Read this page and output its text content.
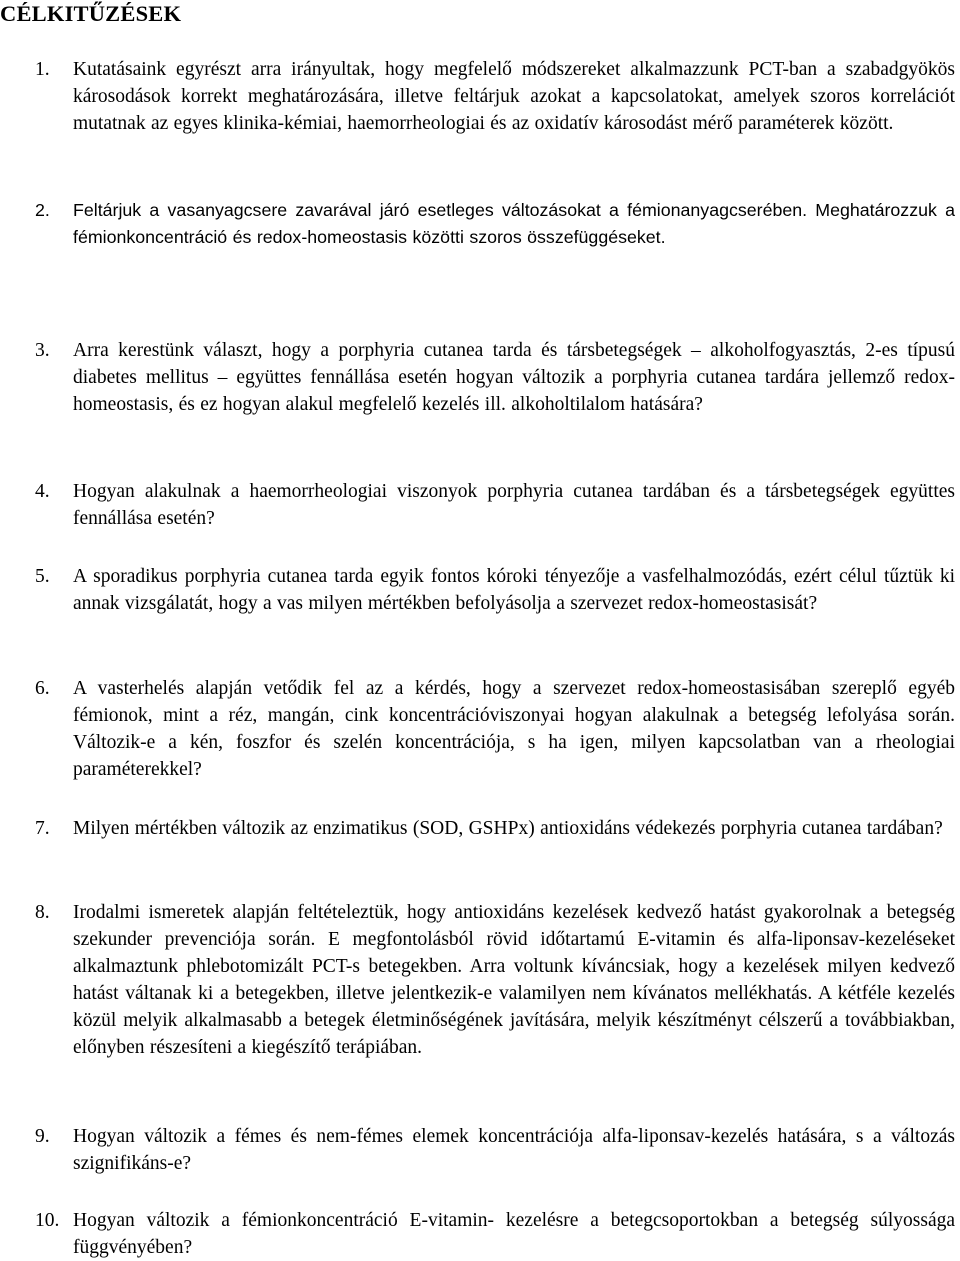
CÉLKITŰZÉSEK
1.	Kutatásaink egyrészt arra irányultak, hogy megfelelő módszereket alkalmazzunk PCT-ban a szabadgyökös károsodások korrekt meghatározására, illetve feltárjuk azokat a kapcsolatokat, amelyek szoros korrelációt mutatnak az egyes klinika-kémiai, haemorrheologiai és az oxidatív károsodást mérő paraméterek között.
2.	Feltárjuk a vasanyagcsere zavarával járó esetleges változásokat a fémionanyagcserében. Meghatározzuk a fémionkoncentráció és redox-homeostasis közötti szoros összefüggéseket.
3.	Arra kerestünk választ, hogy a porphyria cutanea tarda és társbetegségek – alkoholfogyasztás, 2-es típusú diabetes mellitus – együttes fennállása esetén hogyan változik a porphyria cutanea tardára jellemző redox-homeostasis, és ez hogyan alakul megfelelő kezelés ill. alkoholtilalom hatására?
4.	Hogyan alakulnak a haemorrheologiai viszonyok porphyria cutanea tardában és a társbetegségek együttes fennállása esetén?
5.	A sporadikus porphyria cutanea tarda egyik fontos kóroki tényezője a vasfelhalmozódás, ezért célul tűztük ki annak vizsgálatát, hogy a vas milyen mértékben befolyásolja a szervezet redox-homeostasisát?
6.	A vasterhelés alapján vetődik fel az a kérdés, hogy a szervezet redox-homeostasisában szereplő egyéb fémionok, mint a réz, mangán, cink koncentrációviszonyai hogyan alakulnak a betegség lefolyása során. Változik-e a kén, foszfor és szelén koncentrációja, s ha igen, milyen kapcsolatban van a rheologiai paraméterekkel?
7.	Milyen mértékben változik az enzimatikus (SOD, GSHPx) antioxidáns védekezés porphyria cutanea tardában?
8.	Irodalmi ismeretek alapján feltételeztük, hogy antioxidáns kezelések kedvező hatást gyakorolnak a betegség szekunder prevenciója során. E megfontolásból rövid időtartamú E-vitamin és alfa-liponsav-kezeléseket alkalmaztunk phlebotomizált PCT-s betegekben. Arra voltunk kíváncsiak, hogy a kezelések milyen kedvező hatást váltanak ki a betegekben, illetve jelentkezik-e valamilyen nem kívánatos mellékhatás. A kétféle kezelés közül melyik alkalmasabb a betegek életminőségének javítására, melyik készítményt célszerű a továbbiakban, előnyben részesíteni a kiegészítő terápiában.
9.	Hogyan változik a fémes és nem-fémes elemek koncentrációja alfa-liponsav-kezelés hatására, s a változás szignifikáns-e?
10. Hogyan változik a fémionkoncentráció E-vitamin- kezelésre a betegcsoportokban a betegség súlyossága függvényében?
